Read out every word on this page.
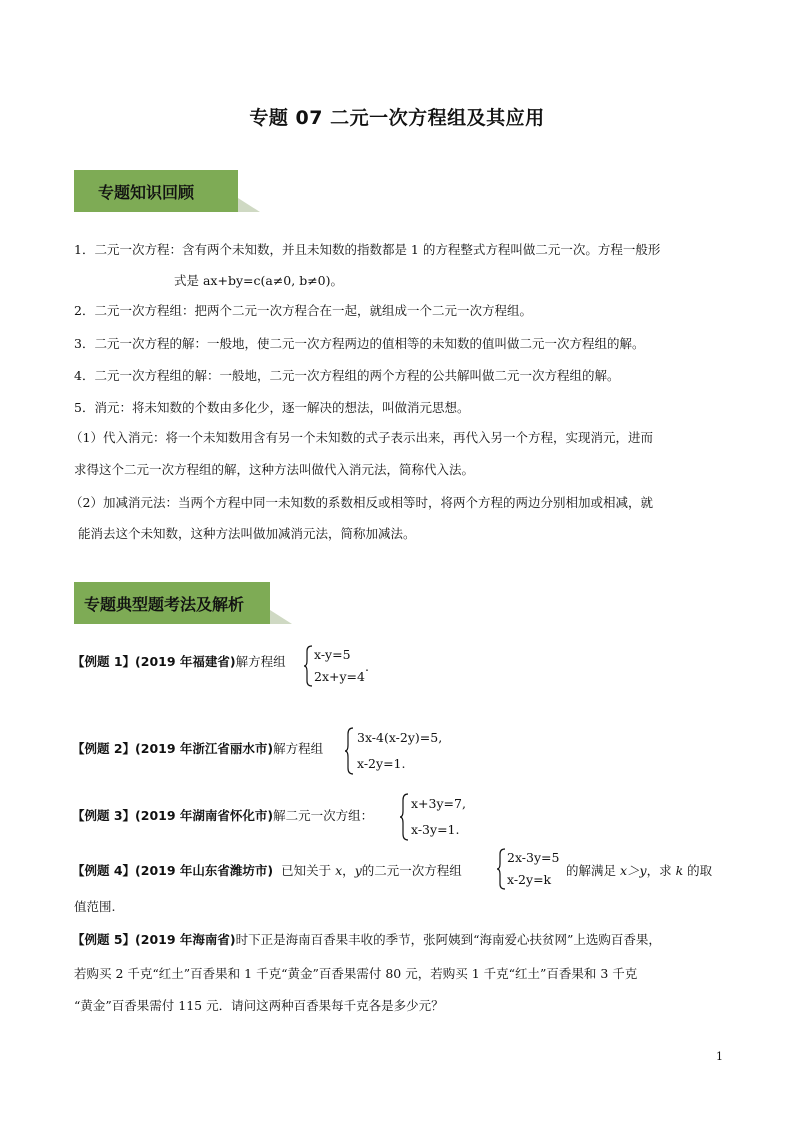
专题 07 二元一次方程组及其应用
专题知识回顾
1．二元一次方程：含有两个未知数，并且未知数的指数都是 1 的方程整式方程叫做二元一次。方程一般形
式是 ax+by=c(a≠0, b≠0)。
2．二元一次方程组：把两个二元一次方程合在一起，就组成一个二元一次方程组。
3．二元一次方程的解：一般地，使二元一次方程两边的值相等的未知数的值叫做二元一次方程组的解。
4．二元一次方程组的解：一般地，二元一次方程组的两个方程的公共解叫做二元一次方程组的解。
5．消元：将未知数的个数由多化少，逐一解决的想法，叫做消元思想。
（1）代入消元：将一个未知数用含有另一个未知数的式子表示出来，再代入另一个方程，实现消元，进而
求得这个二元一次方程组的解，这种方法叫做代入消元法，简称代入法。
（2）加减消元法：当两个方程中同一未知数的系数相反或相等时，将两个方程的两边分别相加或相减，就
能消去这个未知数，这种方法叫做加减消元法，简称加减法。
专题典型题考法及解析
【例题 1】(2019 年福建省)解方程组 x-y=5
2x+y=4
.
【例题 2】(2019 年浙江省丽水市)解方程组
3x-4(x-2y)=5,
x-2y=1.
【例题 3】(2019 年湖南省怀化市)解二元一次方组：
x+3y=7,
x-3y=1.
【例题 4】(2019 年山东省潍坊市) 已知关于 x，y的二元一次方程组
2x-3y=5
x-2y=k
的解满足 x＞y，求 k 的取
值范围.
【例题 5】(2019 年海南省)时下正是海南百香果丰收的季节，张阿姨到“海南爱心扶贫网”上选购百香果，
若购买 2 千克“红土”百香果和 1 千克“黄金”百香果需付 80 元，若购买 1 千克“红土”百香果和 3 千克
“黄金”百香果需付 115 元．请问这两种百香果每千克各是多少元？
1
